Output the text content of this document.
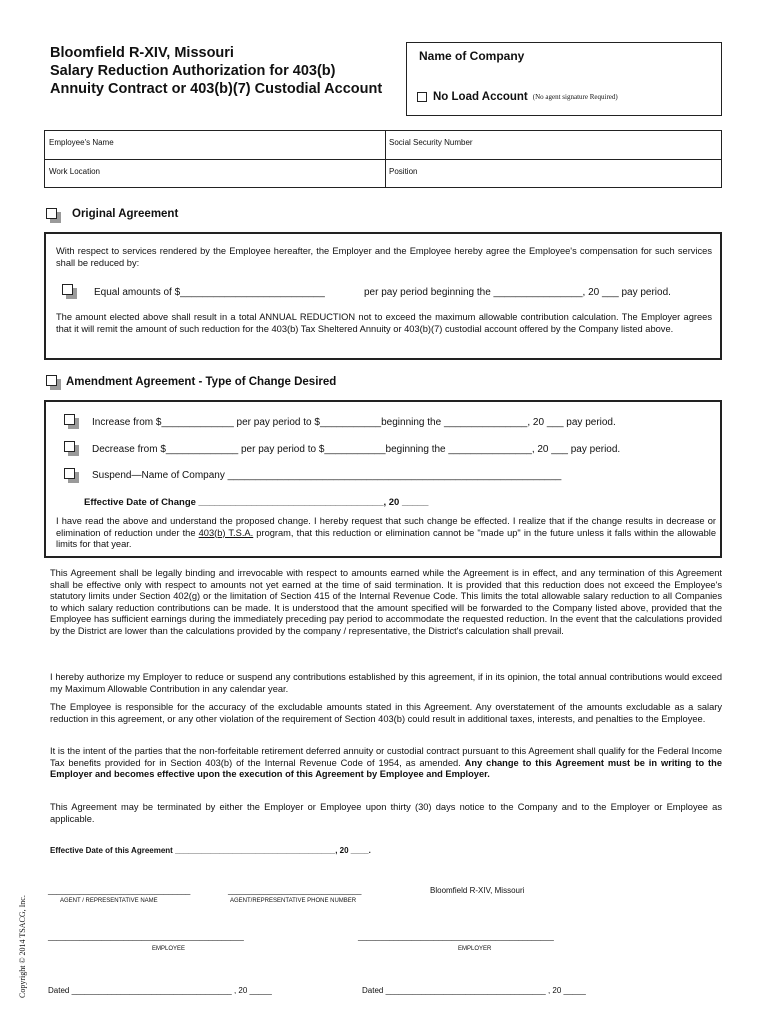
Bloomfield R-XIV, Missouri
Salary Reduction Authorization for 403(b)
Annuity Contract or 403(b)(7) Custodial Account
Name of Company
No Load Account (No agent signature Required)
Employee's Name	Social Security Number
Work Location	Position
Original Agreement
With respect to services rendered by the Employee hereafter, the Employer and the Employee hereby agree the Employee's compensation for such services shall be reduced by:
Equal amounts of $__________________________	per pay period beginning the ________________, 20 ___ pay period.
The amount elected above shall result in a total ANNUAL REDUCTION not to exceed the maximum allowable contribution calculation. The Employer agrees that it will remit the amount of such reduction for the 403(b) Tax Sheltered Annuity or 403(b)(7) custodial account offered by the Company listed above.
Amendment Agreement - Type of Change Desired
Increase from $_____________ per pay period to $___________beginning the _______________, 20 ___ pay period.
Decrease from $_____________ per pay period to $___________beginning the _______________, 20 ___ pay period.
Suspend—Name of Company ____________________________________________________________
Effective Date of Change ___________________________________, 20 _____
I have read the above and understand the proposed change. I hereby request that such change be effected. I realize that if the change results in decrease or elimination of reduction under the 403(b) T.S.A. program, that this reduction or elimination cannot be "made up" in the future unless it falls within the allowable limits for that year.
This Agreement shall be legally binding and irrevocable with respect to amounts earned while the Agreement is in effect, and any termination of this Agreement shall be effective only with respect to amounts not yet earned at the time of said termination. It is provided that this reduction does not exceed the Employee's statutory limits under Section 402(g) or the limitation of Section 415 of the Internal Revenue Code. This limits the total allowable salary reduction to all Companies to which salary reduction contributions can be made. It is understood that the amount specified will be forwarded to the Company listed above, provided that the Employee has sufficient earnings during the immediately preceding pay period to accommodate the requested reduction. In the event that the calculations provided by the District are lower than the calculations provided by the company / representative, the District's calculation shall prevail.
I hereby authorize my Employer to reduce or suspend any contributions established by this agreement, if in its opinion, the total annual contributions would exceed my Maximum Allowable Contribution in any calendar year.
The Employee is responsible for the accuracy of the excludable amounts stated in this Agreement. Any overstatement of the amounts excludable as a salary reduction in this agreement, or any other violation of the requirement of Section 403(b) could result in additional taxes, interests, and penalties to the Employee.
It is the intent of the parties that the non-forfeitable retirement deferred annuity or custodial contract pursuant to this Agreement shall qualify for the Federal Income Tax benefits provided for in Section 403(b) of the Internal Revenue Code of 1954, as amended. Any change to this Agreement must be in writing to the Employer and becomes effective upon the execution of this Agreement by Employee and Employer.
This Agreement may be terminated by either the Employer or Employee upon thirty (30) days notice to the Company and to the Employer or Employee as applicable.
Effective Date of this Agreement ____________________________________, 20 ____.
________________________________
AGENT / REPRESENTATIVE NAME
______________________________
AGENT/REPRESENTATIVE PHONE NUMBER
Bloomfield R-XIV, Missouri
____________________________________________
EMPLOYEE
____________________________________________
EMPLOYER
Dated ____________________________________ , 20 _____	Dated ____________________________________ , 20 _____
Copyright © 2014 TSACG, Inc.
